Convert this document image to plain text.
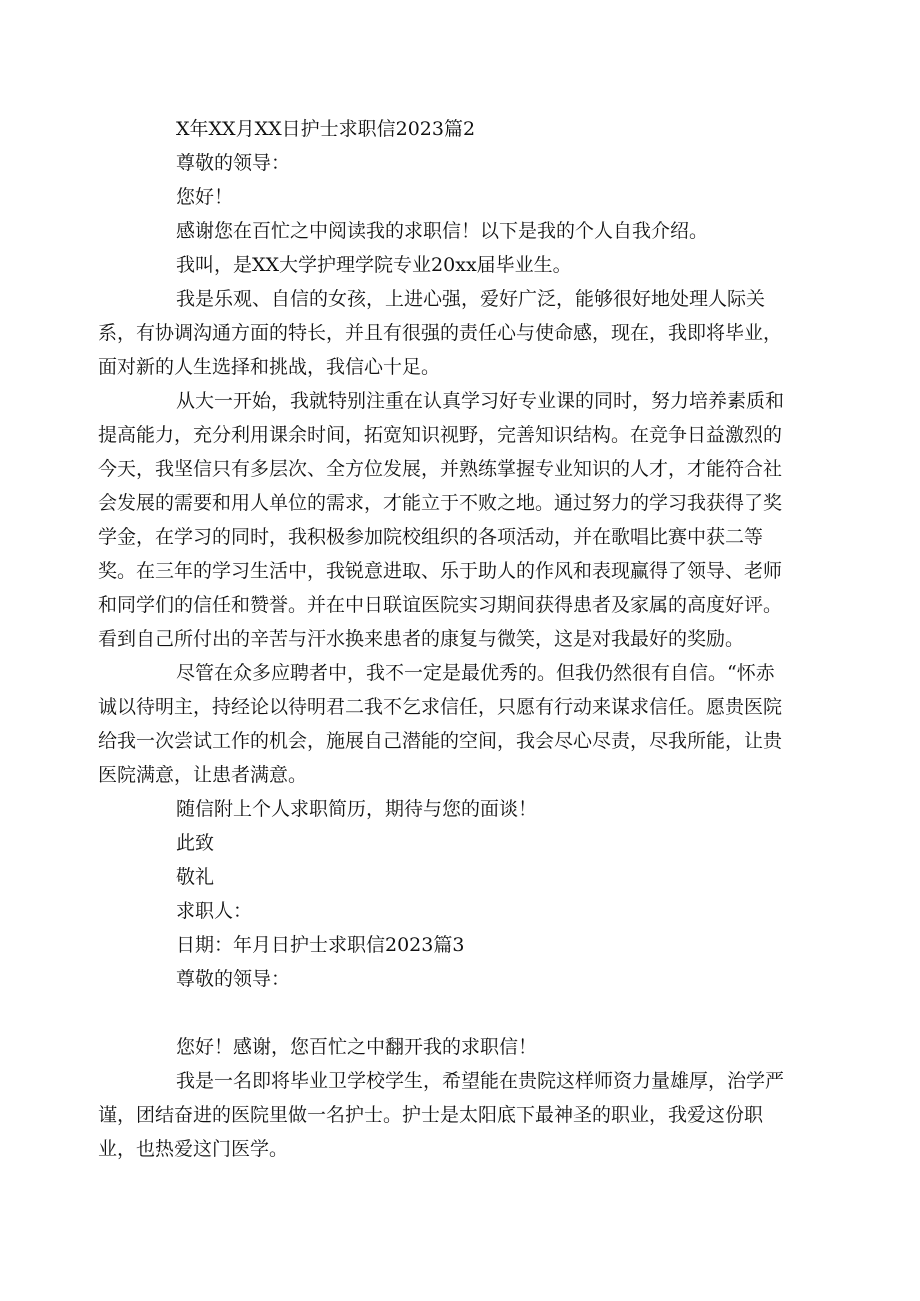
X年XX月XX日护士求职信2023篇2

尊敬的领导：

您好！

感谢您在百忙之中阅读我的求职信！以下是我的个人自我介绍。

我叫，是XX大学护理学院专业20xx届毕业生。

我是乐观、自信的女孩，上进心强，爱好广泛，能够很好地处理人际关系，有协调沟通方面的特长，并且有很强的责任心与使命感，现在，我即将毕业，面对新的人生选择和挑战，我信心十足。

从大一开始，我就特别注重在认真学习好专业课的同时，努力培养素质和提高能力，充分利用课余时间，拓宽知识视野，完善知识结构。在竞争日益激烈的今天，我坚信只有多层次、全方位发展，并熟练掌握专业知识的人才，才能符合社会发展的需要和用人单位的需求，才能立于不败之地。通过努力的学习我获得了奖学金，在学习的同时，我积极参加院校组织的各项活动，并在歌唱比赛中获二等奖。在三年的学习生活中，我锐意进取、乐于助人的作风和表现赢得了领导、老师和同学们的信任和赞誉。并在中日联谊医院实习期间获得患者及家属的高度好评。看到自己所付出的辛苦与汗水换来患者的康复与微笑，这是对我最好的奖励。

尽管在众多应聘者中，我不一定是最优秀的。但我仍然很有自信。“怀赤诚以待明主，持经论以待明君二我不乞求信任，只愿有行动来谋求信任。愿贵医院给我一次尝试工作的机会，施展自己潜能的空间，我会尽心尽责，尽我所能，让贵医院满意，让患者满意。

随信附上个人求职简历，期待与您的面谈！

此致

敬礼

求职人：

日期：年月日护士求职信2023篇3

尊敬的领导：

您好！感谢，您百忙之中翻开我的求职信！

我是一名即将毕业卫学校学生，希望能在贵院这样师资力量雄厚，治学严谨，团结奋进的医院里做一名护士。护士是太阳底下最神圣的职业，我爱这份职业，也热爱这门医学。
